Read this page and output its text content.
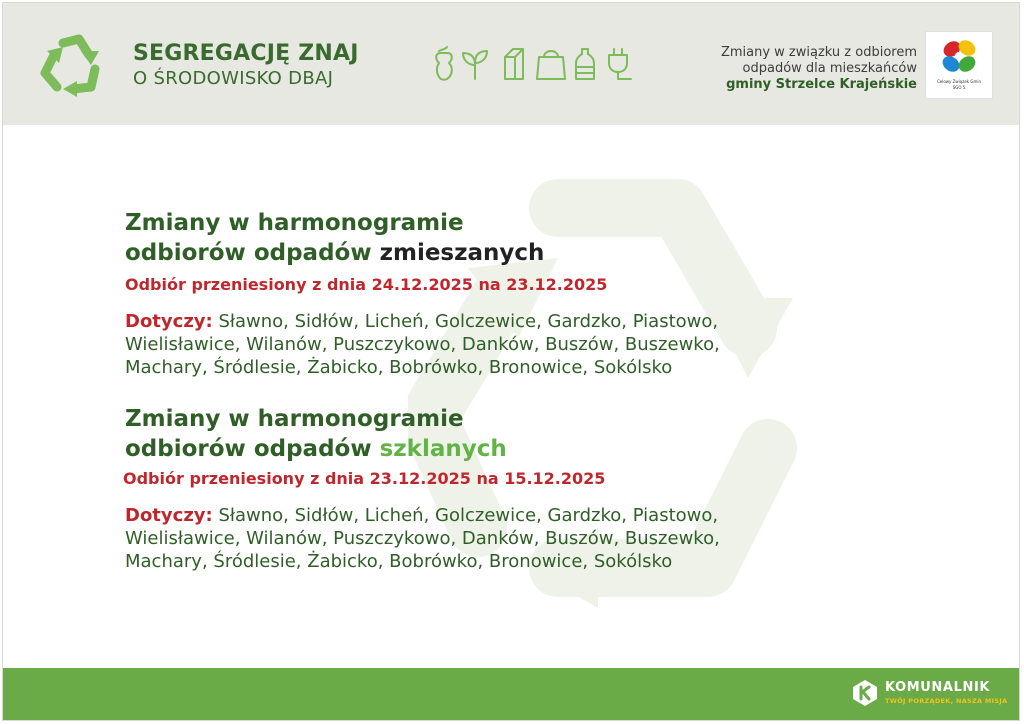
SEGREGACJĘ ZNAJ
O ŚRODOWISKO DBAJ
Zmiany w związku z odbiorem
odpadów dla mieszkańców
gminy Strzelce Krajeńskie	Celowy Związek Gmin
SGO 5
Zmiany w harmonogramie
odbiorów odpadów zmieszanych
Odbiór przeniesiony z dnia 24.12.2025 na 23.12.2025
Dotyczy: Sławno, Sidłów, Licheń, Golczewice, Gardzko, Piastowo,
Wielisławice, Wilanów, Puszczykowo, Danków, Buszów, Buszewko,
Machary, Śródlesie, Żabicko, Bobrówko, Bronowice, Sokólsko
Zmiany w harmonogramie
odbiorów odpadów szklanych
Odbiór przeniesiony z dnia 23.12.2025 na 15.12.2025
Dotyczy: Sławno, Sidłów, Licheń, Golczewice, Gardzko, Piastowo,
Wielisławice, Wilanów, Puszczykowo, Danków, Buszów, Buszewko,
Machary, Śródlesie, Żabicko, Bobrówko, Bronowice, Sokólsko
KOMUNALNIK
TWÓJ PORZĄDEK, NASZA MISJA
